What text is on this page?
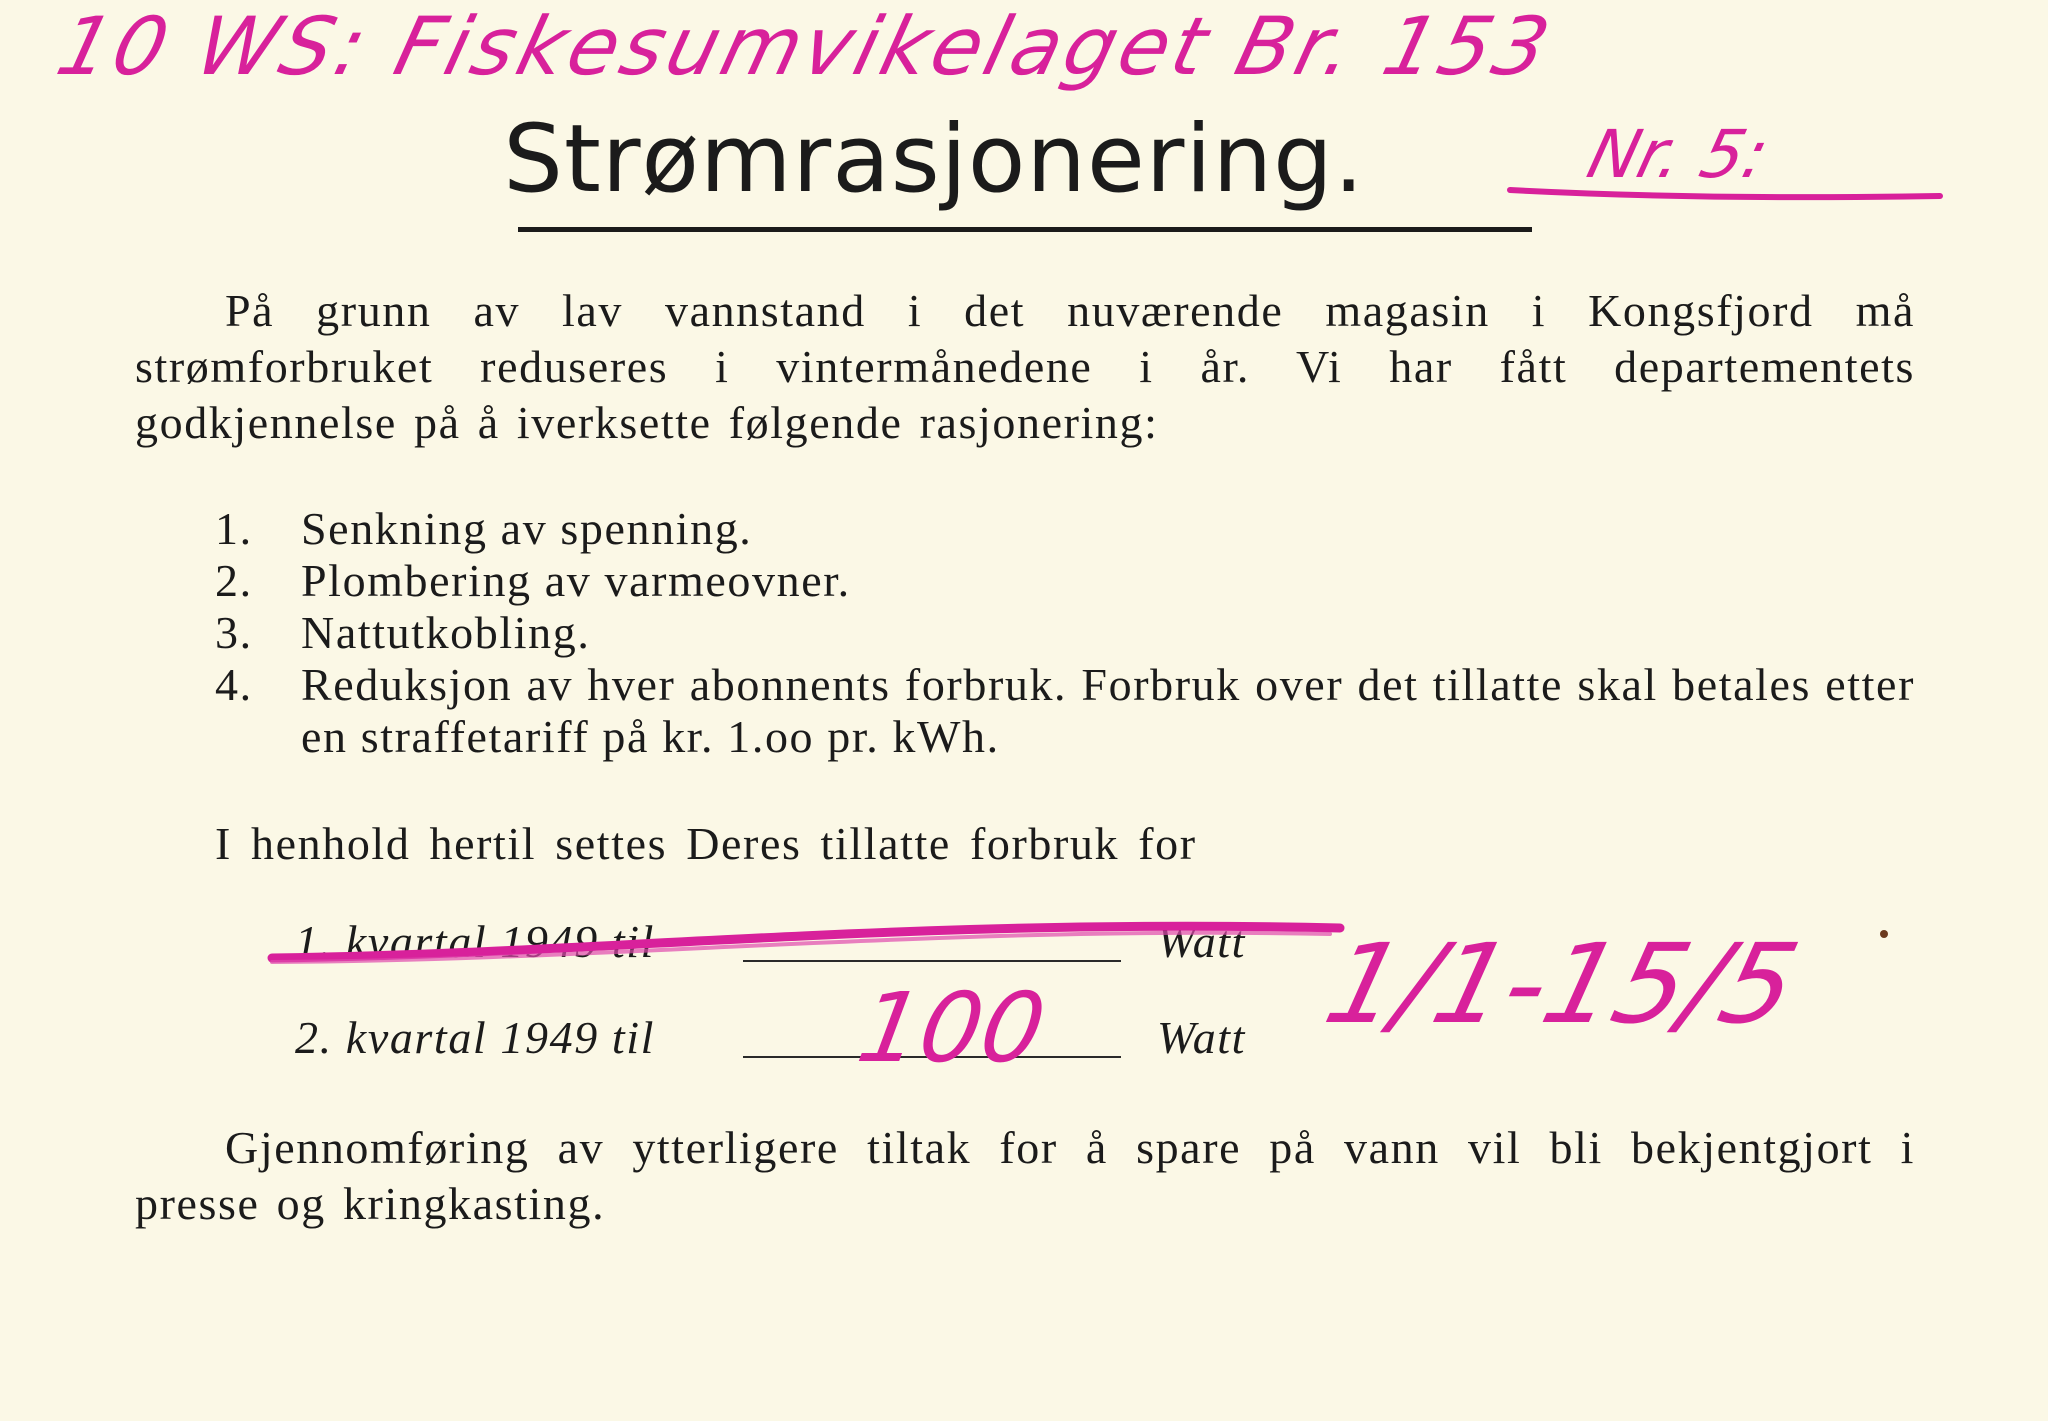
10 WS: Fiskesumvikelaget Br. 153
Nr. 5:
Strømrasjonering.
På grunn av lav vannstand i det nuværende magasin i Kongsfjord må strømforbruket reduseres i vintermånedene i år. Vi har fått departementets godkjennelse på å iverksette følgende rasjonering:
1. Senkning av spenning.
2. Plombering av varmeovner.
3. Nattutkobling.
4. Reduksjon av hver abonnents forbruk. Forbruk over det tillatte skal betales etter en straffetariff på kr. 1.oo pr. kWh.
I henhold hertil settes Deres tillatte forbruk for
1. kvartal 1949 til	Watt
2. kvartal 1949 til	Watt
100 1/1-15/5
Gjennomføring av ytterligere tiltak for å spare på vann vil bli bekjentgjort i presse og kringkasting.
